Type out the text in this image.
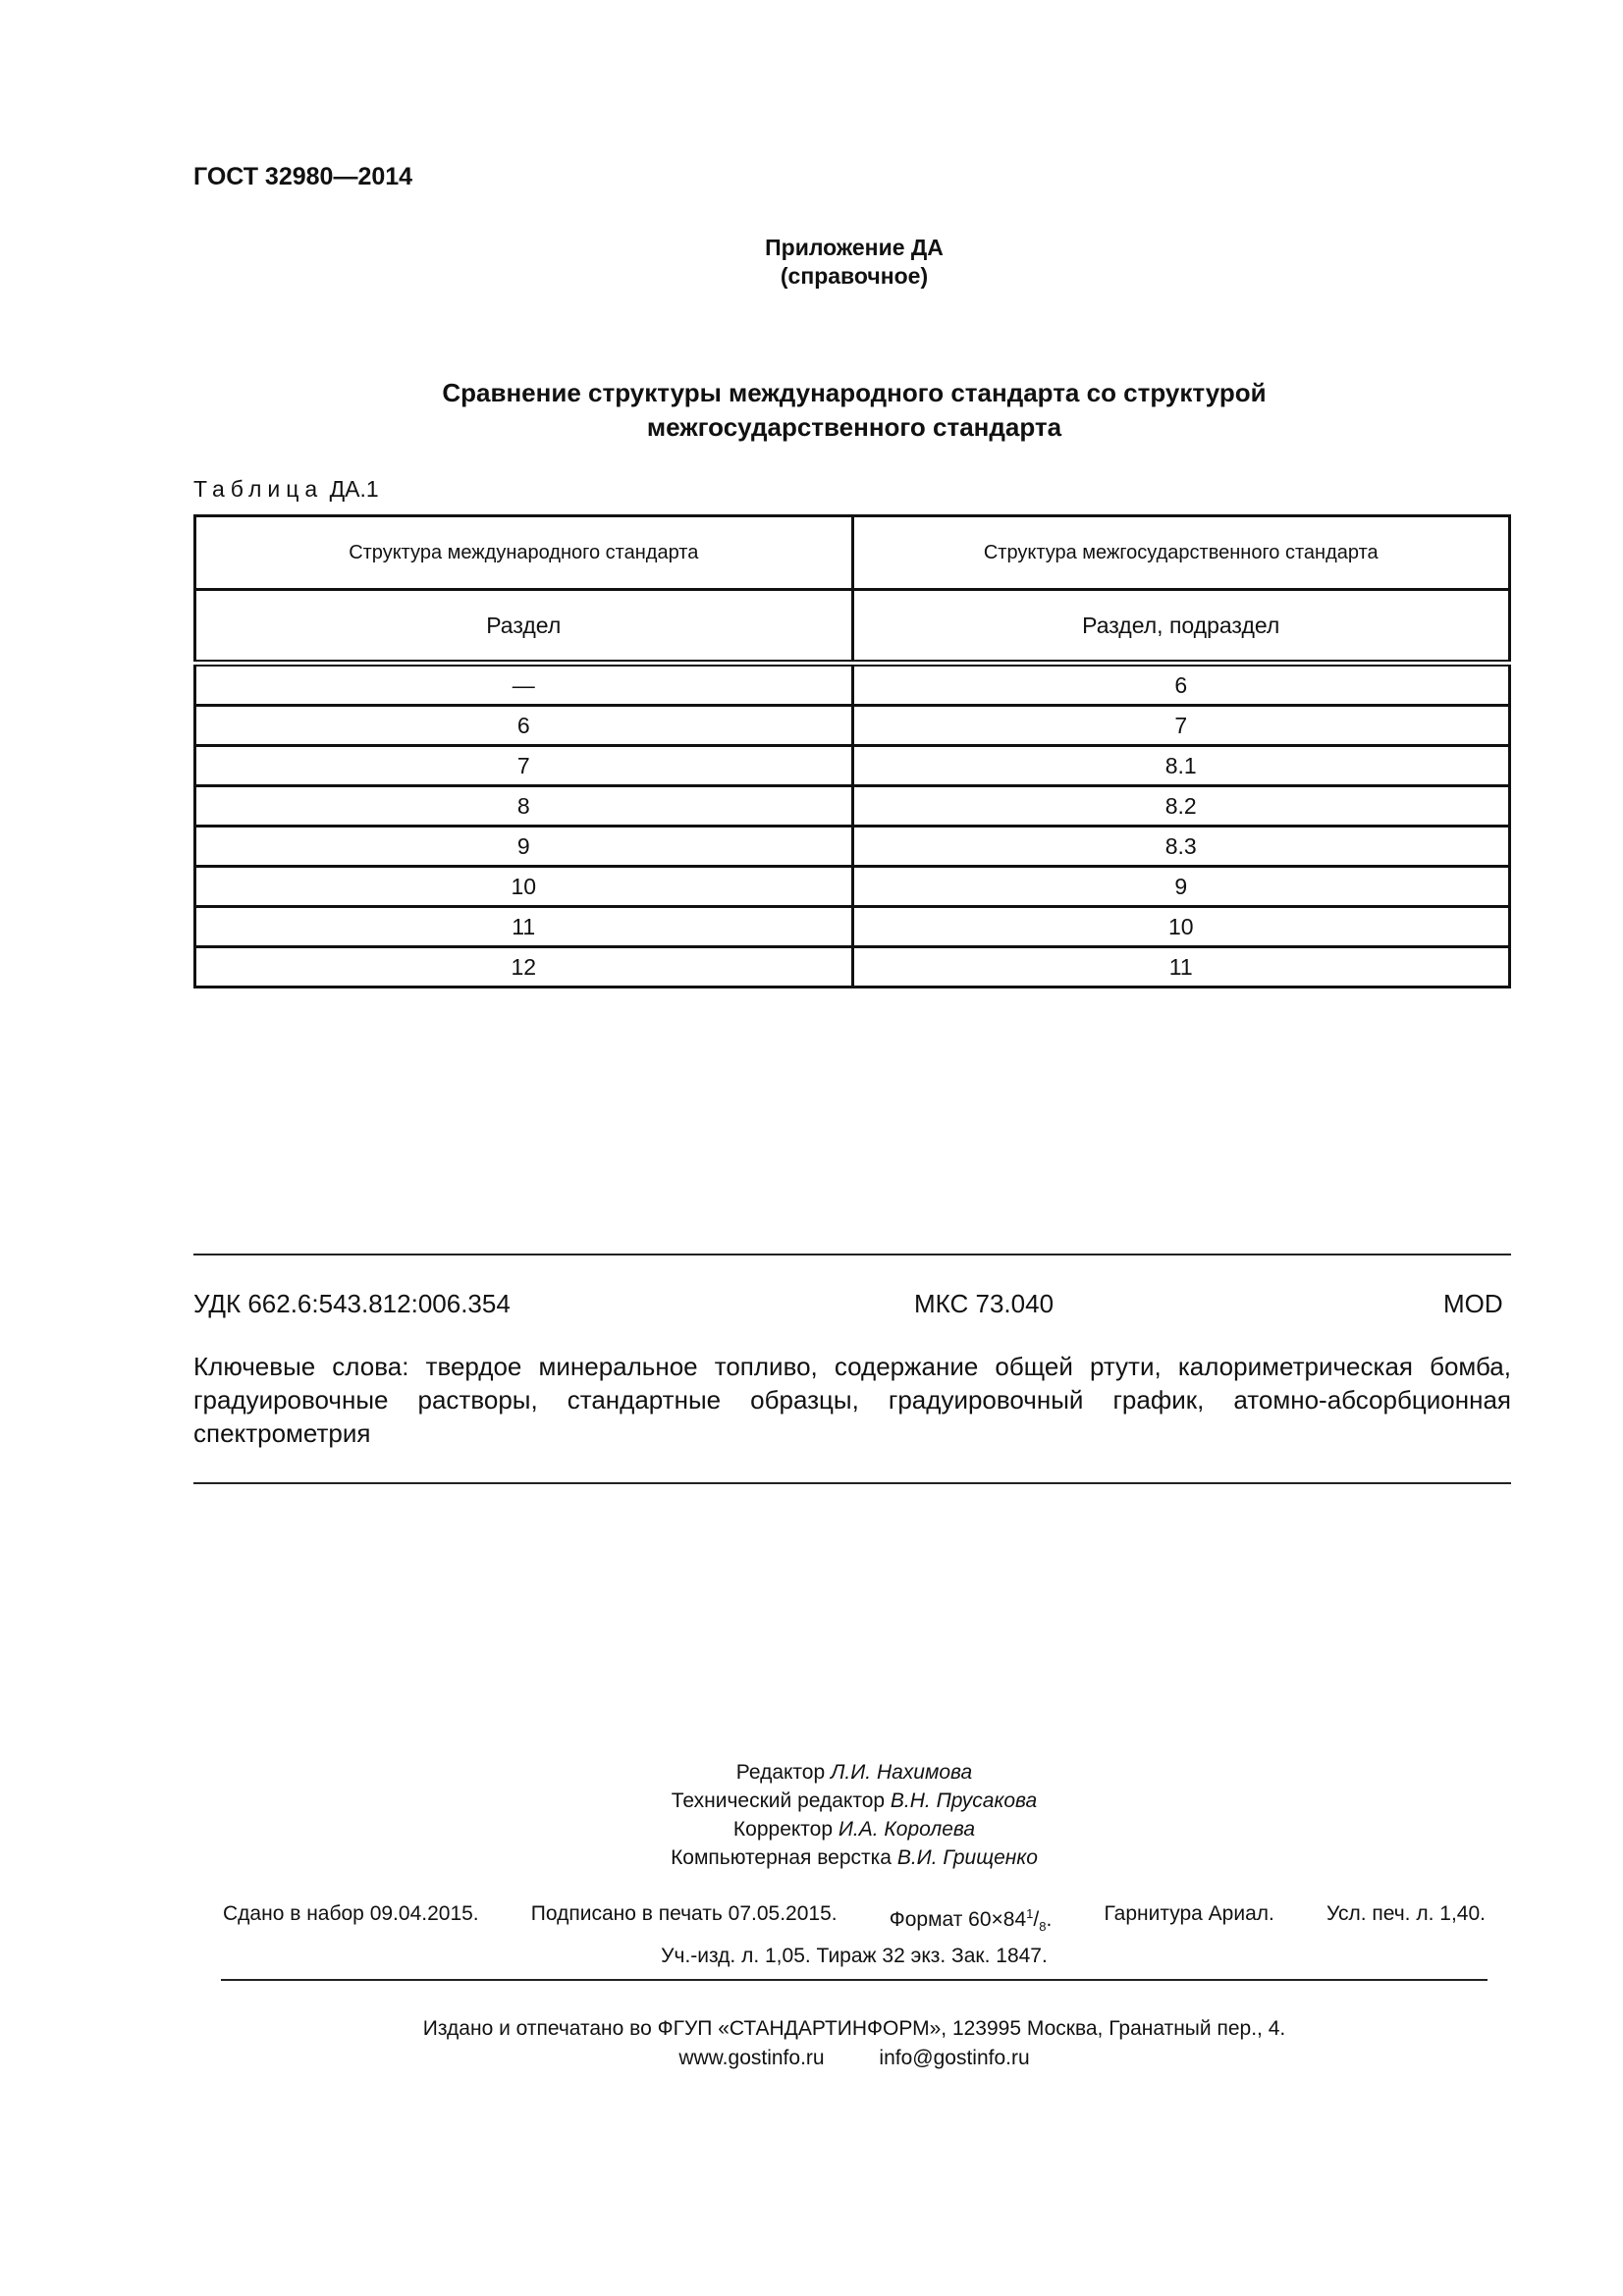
ГОСТ 32980—2014
Приложение ДА
(справочное)
Сравнение структуры международного стандарта со структурой
межгосударственного стандарта
Таблица ДА.1
Структура международного стандарта	Структура межгосударственного стандарта
Раздел	Раздел, подраздел
—	6
6	7
7	8.1
8	8.2
9	8.3
10	9
11	10
12	11
УДК 662.6:543.812:006.354	МКС 73.040	MOD
Ключевые слова: твердое минеральное топливо, содержание общей ртути, калориметрическая бомба, градуировочные растворы, стандартные образцы, градуировочный график, атомно-абсорбционная спектрометрия
Редактор Л.И. Нахимова
Технический редактор В.Н. Прусакова
Корректор И.А. Королева
Компьютерная верстка В.И. Грищенко
Сдано в набор 09.04.2015.	Подписано в печать 07.05.2015.	Формат $60\times 84^1/_8$.	Гарнитура Ариал.	Усл. печ. л. 1,40.
Уч.-изд. л. 1,05. Тираж 32 экз. Зак. 1847.
Издано и отпечатано во ФГУП «СТАНДАРТИНФОРМ», 123995 Москва, Гранатный пер., 4.
www.gostinfo.ru	info@gostinfo.ru
